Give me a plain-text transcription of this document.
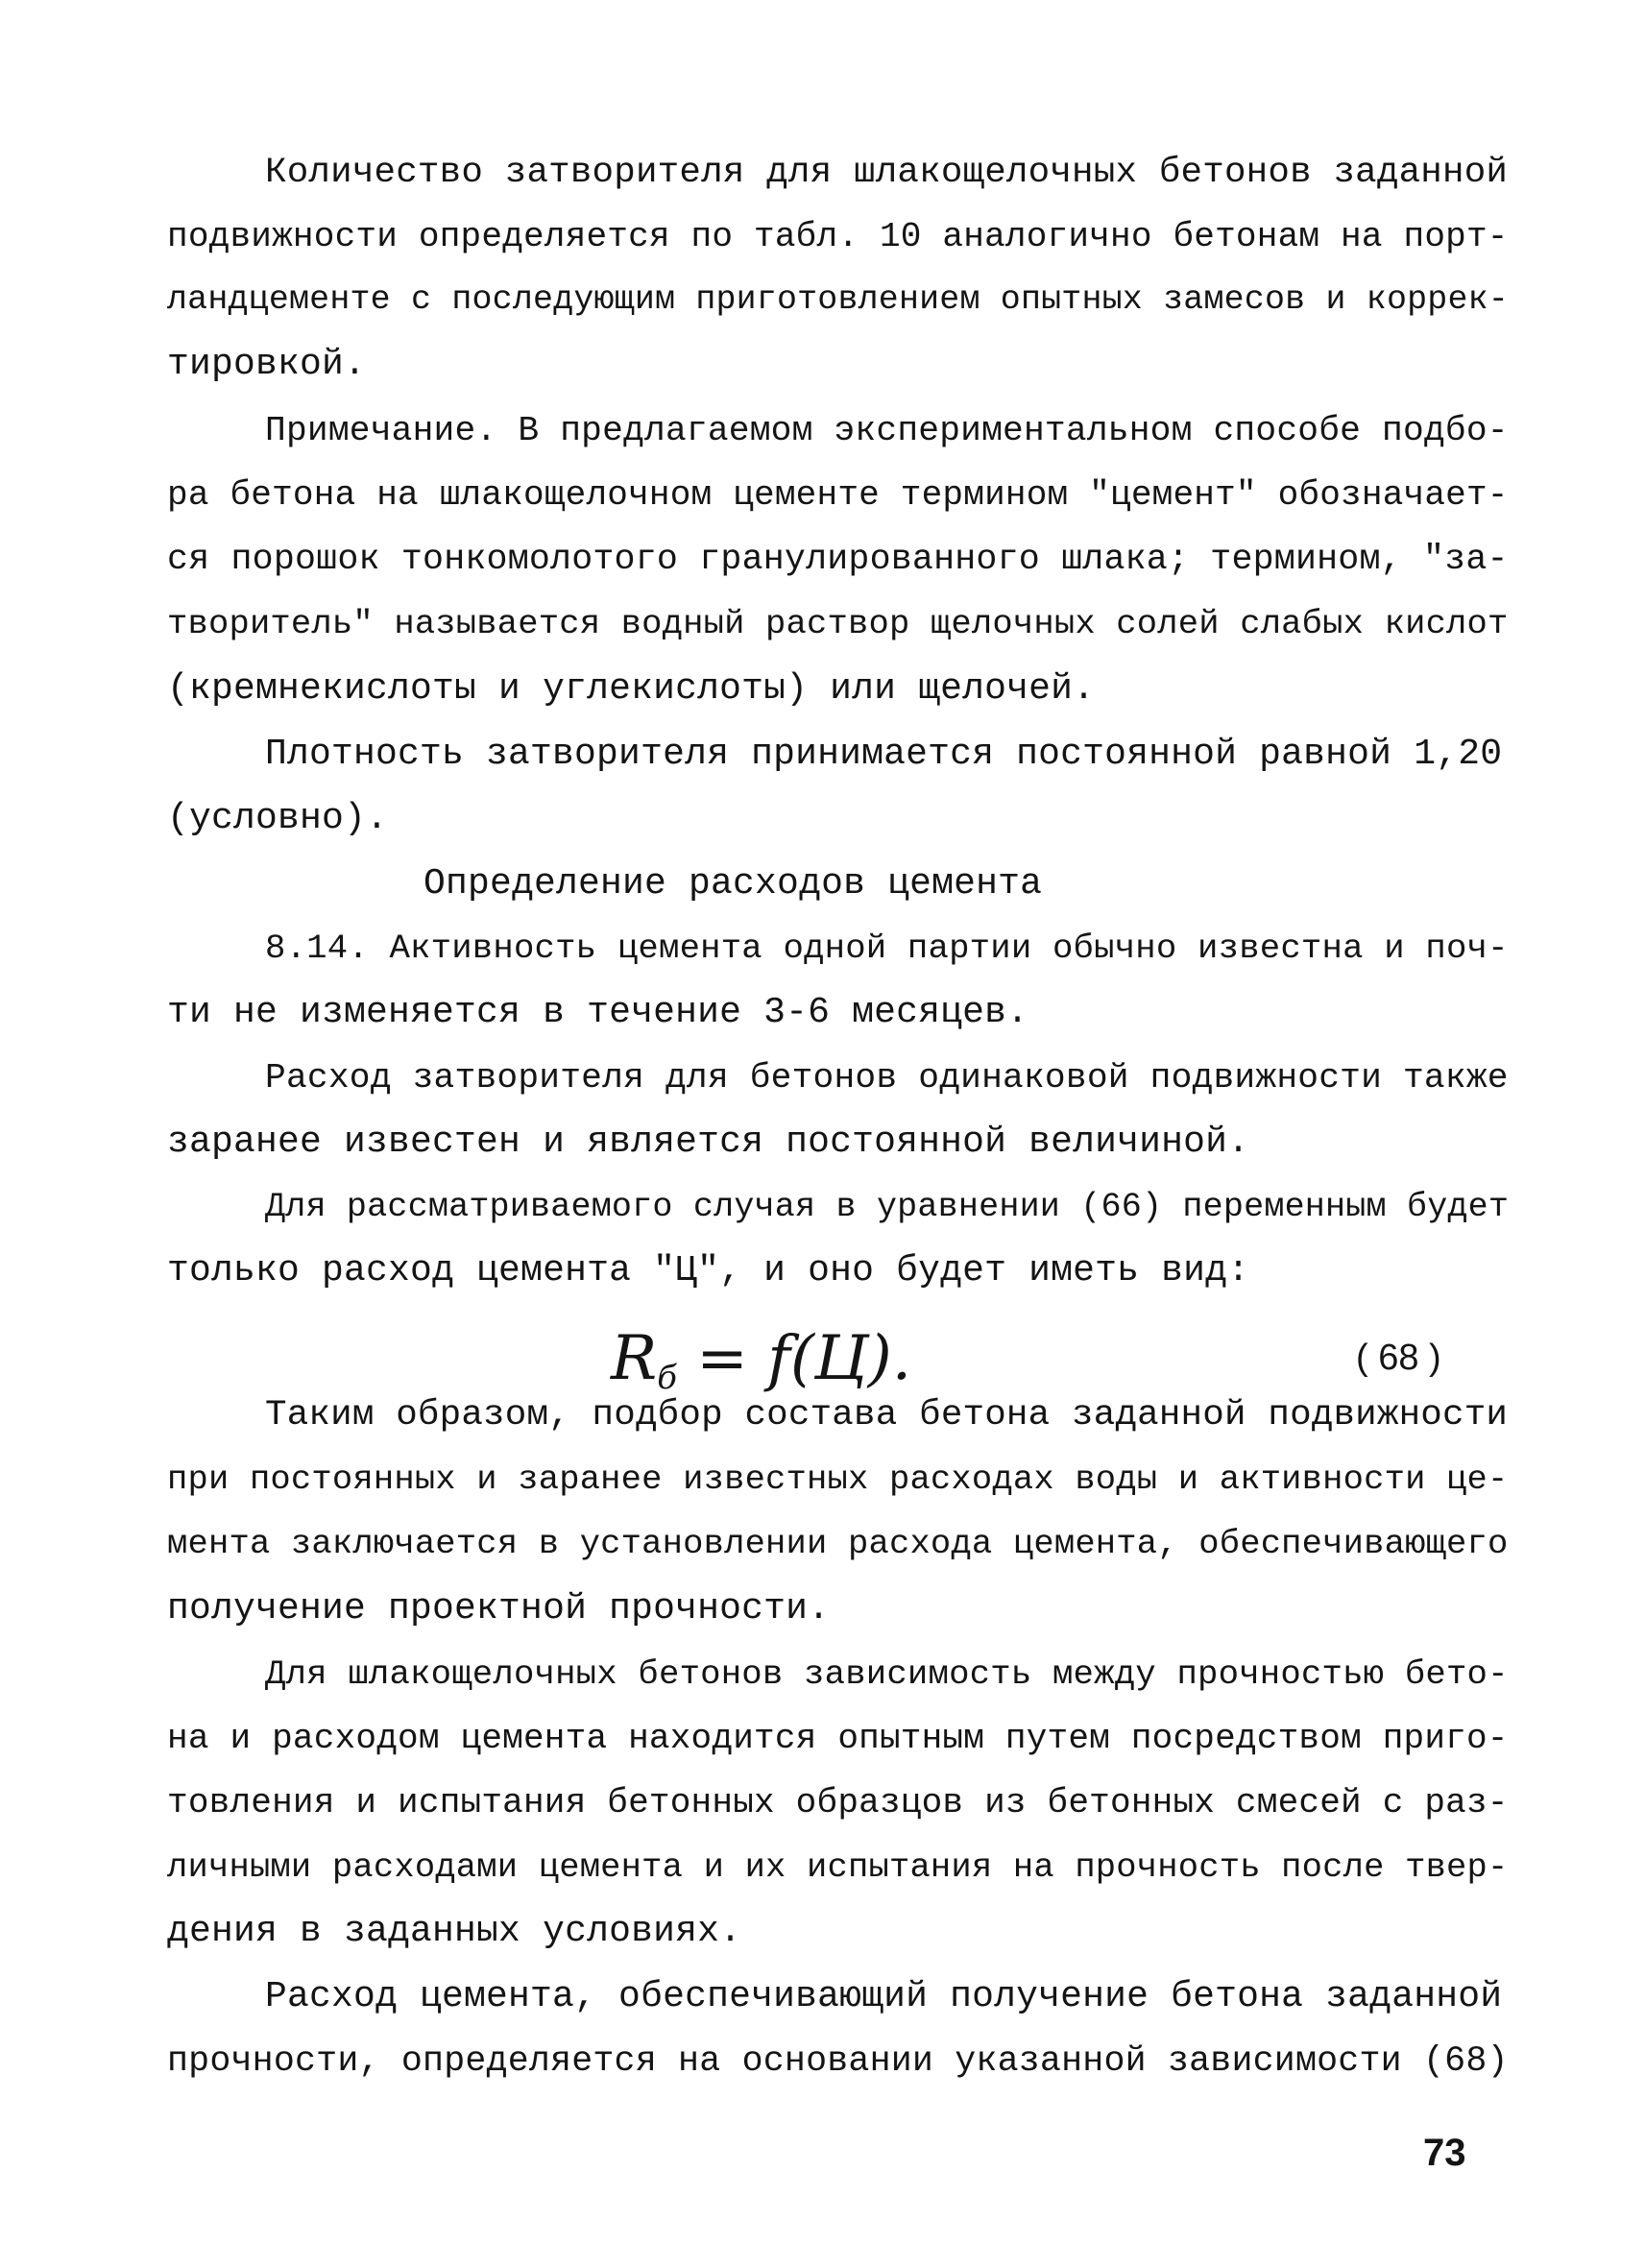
Количество затворителя для шлакощелочных бетонов заданной
подвижности определяется по табл. 10 аналогично бетонам на порт-
ландцементе с последующим приготовлением опытных замесов и коррек-
тировкой.
Примечание. В предлагаемом экспериментальном способе подбо-
ра бетона на шлакощелочном цементе термином "цемент" обозначает-
ся порошок тонкомолотого гранулированного шлака; термином, "за-
творитель" называется водный раствор щелочных солей слабых кислот
(кремнекислоты и углекислоты) или щелочей.
Плотность затворителя принимается постоянной равной 1,20
(условно).
Определение расходов цемента
8.14. Активность цемента одной партии обычно известна и поч-
ти не изменяется в течение 3-6 месяцев.
Расход затворителя для бетонов одинаковой подвижности также
заранее известен и является постоянной величиной.
Для рассматриваемого случая в уравнении (66) переменным будет
только расход цемента "Ц", и оно будет иметь вид:
$R_б = f(Ц)$.	( 68 )
Таким образом, подбор состава бетона заданной подвижности
при постоянных и заранее известных расходах воды и активности це-
мента заключается в установлении расхода цемента, обеспечивающего
получение проектной прочности.
Для шлакощелочных бетонов зависимость между прочностью бето-
на и расходом цемента находится опытным путем посредством приго-
товления и испытания бетонных образцов из бетонных смесей с раз-
личными расходами цемента и их испытания на прочность после твер-
дения в заданных условиях.
Расход цемента, обеспечивающий получение бетона заданной
прочности, определяется на основании указанной зависимости (68)
73
